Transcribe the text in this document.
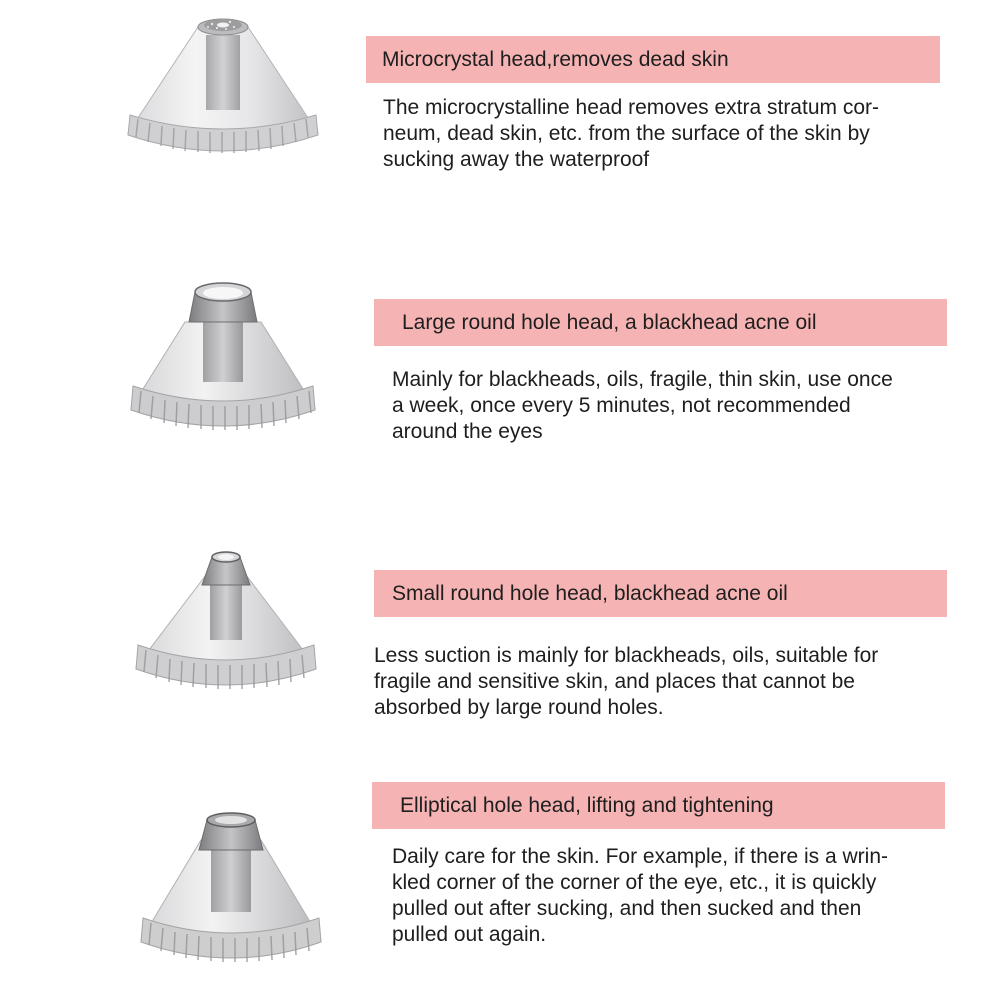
Microcrystal head,removes dead skin
The microcrystalline head removes extra stratum cor-
neum, dead skin, etc. from the surface of the skin by
sucking away the waterproof
Large round hole head, a blackhead acne oil
Mainly for blackheads, oils, fragile, thin skin, use once
a week, once every 5 minutes, not recommended
around the eyes
Small round hole head, blackhead acne oil
Less suction is mainly for blackheads, oils, suitable for
fragile and sensitive skin, and places that cannot be
absorbed by large round holes.
Elliptical hole head, lifting and tightening
Daily care for the skin. For example, if there is a wrin-
kled corner of the corner of the eye, etc., it is quickly
pulled out after sucking, and then sucked and then
pulled out again.
